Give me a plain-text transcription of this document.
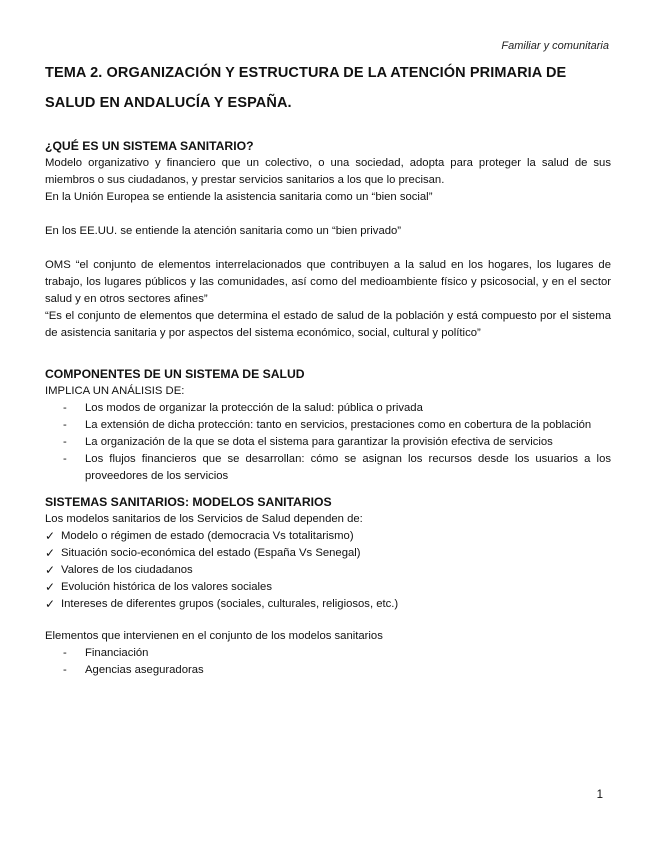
Familiar y comunitaria
TEMA 2. ORGANIZACIÓN Y ESTRUCTURA DE LA ATENCIÓN PRIMARIA DE SALUD EN ANDALUCÍA Y ESPAÑA.

¿QUÉ ES UN SISTEMA SANITARIO?

Modelo organizativo y financiero que un colectivo, o una sociedad, adopta para proteger la salud de sus miembros o sus ciudadanos, y prestar servicios sanitarios a los que lo precisan.

En la Unión Europea se entiende la asistencia sanitaria como un “bien social”

En los EE.UU. se entiende la atención sanitaria como un “bien privado”

OMS “el conjunto de elementos interrelacionados que contribuyen a la salud en los hogares, los lugares de trabajo, los lugares públicos y las comunidades, así como del medioambiente físico y psicosocial, y en el sector salud y en otros sectores afines”

“Es el conjunto de elementos que determina el estado de salud de la población y está compuesto por el sistema de asistencia sanitaria y por aspectos del sistema económico, social, cultural y político”

COMPONENTES DE UN SISTEMA DE SALUD

IMPLICA UN ANÁLISIS DE:

- Los modos de organizar la protección de la salud: pública o privada
- La extensión de dicha protección: tanto en servicios, prestaciones como en cobertura de la población
- La organización de la que se dota el sistema para garantizar la provisión efectiva de servicios
- Los flujos financieros que se desarrollan: cómo se asignan los recursos desde los usuarios a los proveedores de los servicios

SISTEMAS SANITARIOS: MODELOS SANITARIOS

Los modelos sanitarios de los Servicios de Salud dependen de:

✓ Modelo o régimen de estado (democracia Vs totalitarismo)
✓ Situación socio-económica del estado (España Vs Senegal)
✓ Valores de los ciudadanos
✓ Evolución histórica de los valores sociales
✓ Intereses de diferentes grupos (sociales, culturales, religiosos, etc.)

Elementos que intervienen en el conjunto de los modelos sanitarios

- Financiación
- Agencias aseguradoras
1
